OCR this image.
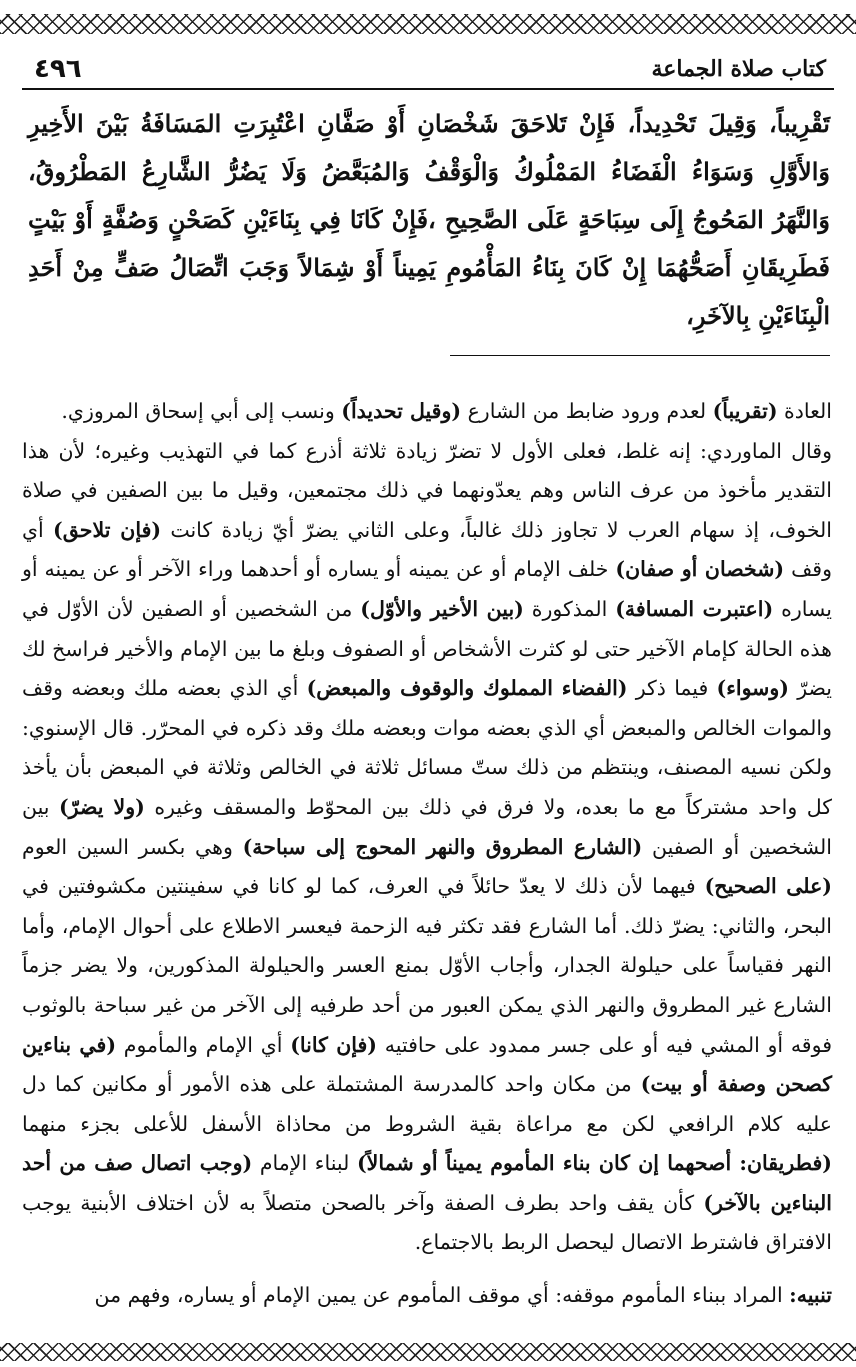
٤٩٦	كتاب صلاة الجماعة

تَقْرِيباً، وَقِيلَ تَحْدِيداً، فَإِنْ تَلاحَقَ شَخْصَانِ أَوْ صَفَّانِ اعْتُبِرَتِ المَسَافَةُ بَيْنَ الأَخِيرِ وَالأَوَّلِ وَسَوَاءُ الْفَضَاءُ المَمْلُوكُ وَالْوَقْفُ وَالمُبَعَّضُ وَلَا يَضُرُّ الشَّارِعُ المَطْرُوقُ، وَالنَّهَرُ المَحُوجُ إِلَى سِبَاحَةٍ عَلَى الصَّحِيحِ ،فَإِنْ كَانَا فِي بِنَاءَيْنِ كَصَحْنٍ وَصُفَّةٍ أَوْ بَيْتٍ فَطَرِيقَانِ أَصَحُّهُمَا إِنْ كَانَ بِنَاءُ المَأْمُومِ يَمِيناً أَوْ شِمَالاً وَجَبَ اتِّصَالُ صَفٍّ مِنْ أَحَدِ الْبِنَاءَيْنِ بِالآخَرِ،

العادة (تقريباً) لعدم ورود ضابط من الشارع (وقيل تحديداً) ونسب إلى أبي إسحاق المروزي.

وقال الماوردي: إنه غلط، فعلى الأول لا تضرّ زيادة ثلاثة أذرع كما في التهذيب وغيره؛ لأن هذا التقدير مأخوذ من عرف الناس وهم يعدّونهما في ذلك مجتمعين، وقيل ما بين الصفين في صلاة الخوف، إذ سهام العرب لا تجاوز ذلك غالباً، وعلى الثاني يضرّ أيّ زيادة كانت (فإن تلاحق) أي وقف (شخصان أو صفان) خلف الإمام أو عن يمينه أو يساره أو أحدهما وراء الآخر أو عن يمينه أو يساره (اعتبرت المسافة) المذكورة (بين الأخير والأوّل) من الشخصين أو الصفين لأن الأوّل في هذه الحالة كإمام الآخير حتى لو كثرت الأشخاص أو الصفوف وبلغ ما بين الإمام والأخير فراسخ لك يضرّ (وسواء) فيما ذكر (الفضاء المملوك والوقوف والمبعض) أي الذي بعضه ملك وبعضه وقف والموات الخالص والمبعض أي الذي بعضه موات وبعضه ملك وقد ذكره في المحرّر. قال الإسنوي: ولكن نسيه المصنف، وينتظم من ذلك ستّ مسائل ثلاثة في الخالص وثلاثة في المبعض بأن يأخذ كل واحد مشتركاً مع ما بعده، ولا فرق في ذلك بين المحوّط والمسقف وغيره (ولا يضرّ) بين الشخصين أو الصفين (الشارع المطروق والنهر المحوج إلى سباحة) وهي بكسر السين العوم (على الصحيح) فيهما لأن ذلك لا يعدّ حائلاً في العرف، كما لو كانا في سفينتين مكشوفتين في البحر، والثاني: يضرّ ذلك. أما الشارع فقد تكثر فيه الزحمة فيعسر الاطلاع على أحوال الإمام، وأما النهر فقياساً على حيلولة الجدار، وأجاب الأوّل بمنع العسر والحيلولة المذكورين، ولا يضر جزماً الشارع غير المطروق والنهر الذي يمكن العبور من أحد طرفيه إلى الآخر من غير سباحة بالوثوب فوقه أو المشي فيه أو على جسر ممدود على حافتيه (فإن كانا) أي الإمام والمأموم (في بناءين كصحن وصفة أو بيت) من مكان واحد كالمدرسة المشتملة على هذه الأمور أو مكانين كما دل عليه كلام الرافعي لكن مع مراعاة بقية الشروط من محاذاة الأسفل للأعلى بجزء منهما (فطريقان: أصحهما إن كان بناء المأموم يميناً أو شمالاً) لبناء الإمام (وجب اتصال صف من أحد البناءين بالآخر) كأن يقف واحد بطرف الصفة وآخر بالصحن متصلاً به لأن اختلاف الأبنية يوجب الافتراق فاشترط الاتصال ليحصل الربط بالاجتماع.

تنبيه: المراد ببناء المأموم موقفه: أي موقف المأموم عن يمين الإمام أو يساره، وفهم من
